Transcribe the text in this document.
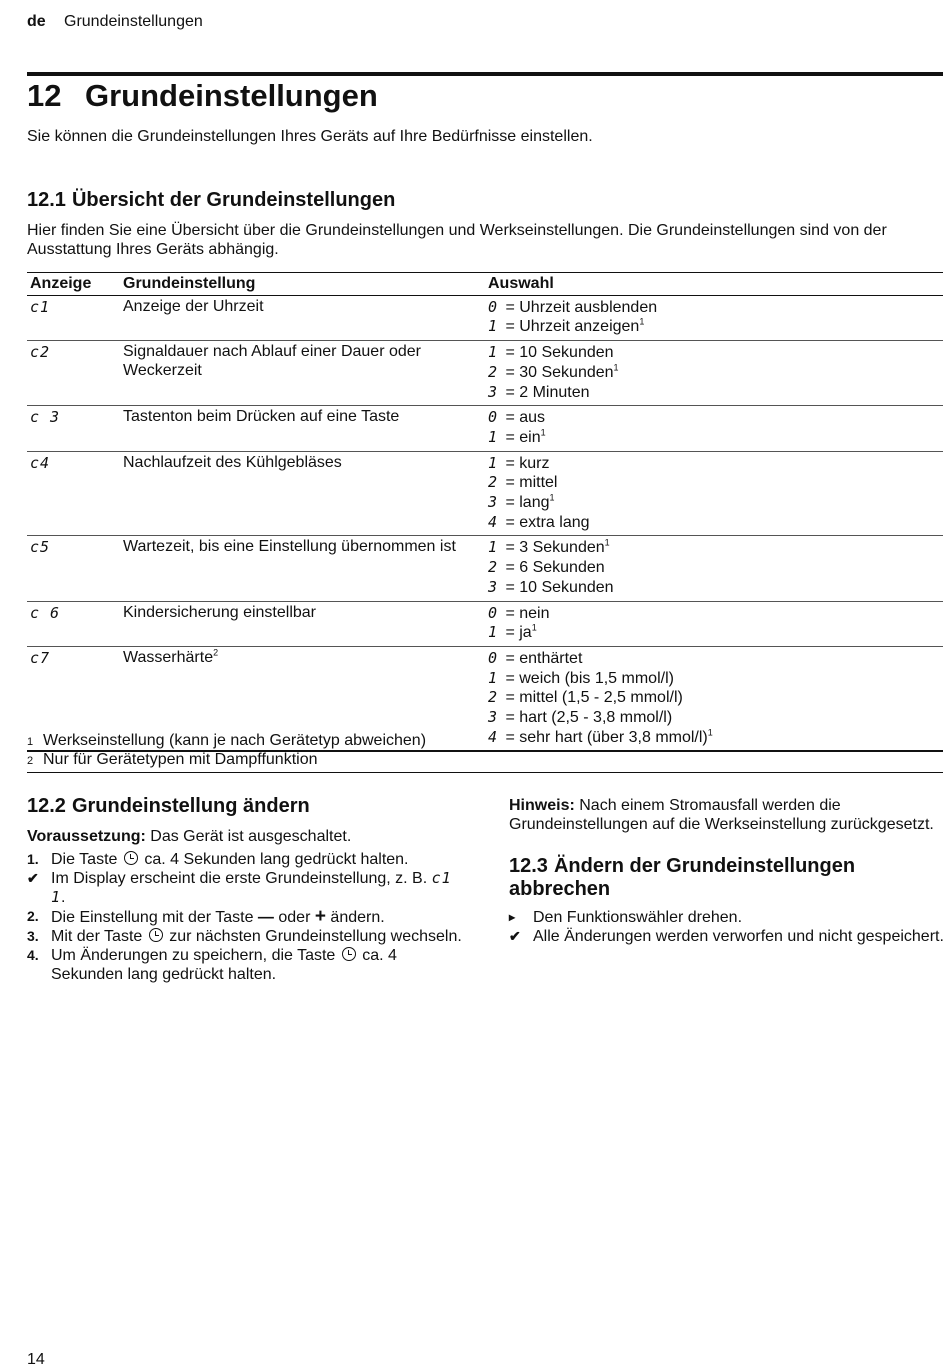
de Grundeinstellungen
12 Grundeinstellungen
Sie können die Grundeinstellungen Ihres Geräts auf Ihre Bedürfnisse einstellen.
12.1 Übersicht der Grundeinstellungen
Hier finden Sie eine Übersicht über die Grundeinstellungen und Werkseinstellungen. Die Grundeinstellungen sind von der Ausstattung Ihres Geräts abhängig.
Anzeige	Grundeinstellung	Auswahl
c1	Anzeige der Uhrzeit	0 = Uhrzeit ausblenden
1 = Uhrzeit anzeigen$^1$

c2	Signaldauer nach Ablauf einer Dauer oder Weckerzeit	1 = 10 Sekunden
2 = 30 Sekunden$^1$
3 = 2 Minuten

c 3	Tastenton beim Drücken auf eine Taste	0 = aus
1 = ein$^1$

c4	Nachlaufzeit des Kühlgebläses	1 = kurz
2 = mittel
3 = lang$^1$
4 = extra lang

c5	Wartezeit, bis eine Einstellung übernommen ist	1 = 3 Sekunden$^1$
2 = 6 Sekunden
3 = 10 Sekunden

c 6	Kindersicherung einstellbar	0 = nein
1 = ja$^1$

c7	Wasserhärte$^2$	0 = enthärtet
1 = weich (bis 1,5 mmol/l)
2 = mittel (1,5 - 2,5 mmol/l)
3 = hart (2,5 - 3,8 mmol/l)
4 = sehr hart (über 3,8 mmol/l)$^1$
1 Werkseinstellung (kann je nach Gerätetyp abweichen)
2 Nur für Gerätetypen mit Dampffunktion
12.2 Grundeinstellung ändern
Voraussetzung: Das Gerät ist ausgeschaltet.
1. Die Taste ca. 4 Sekunden lang gedrückt halten.
✔ Im Display erscheint die erste Grundeinstellung, z. B. c1 1.
2. Die Einstellung mit der Taste — oder + ändern.
3. Mit der Taste zur nächsten Grundeinstellung wechseln.
4. Um Änderungen zu speichern, die Taste ca. 4 Sekunden lang gedrückt halten.
Hinweis: Nach einem Stromausfall werden die Grundeinstellungen auf die Werkseinstellung zurückgesetzt.
12.3 Ändern der Grundeinstellungen abbrechen
▸	Den Funktionswähler drehen.
✔ Alle Änderungen werden verworfen und nicht gespeichert.
14
